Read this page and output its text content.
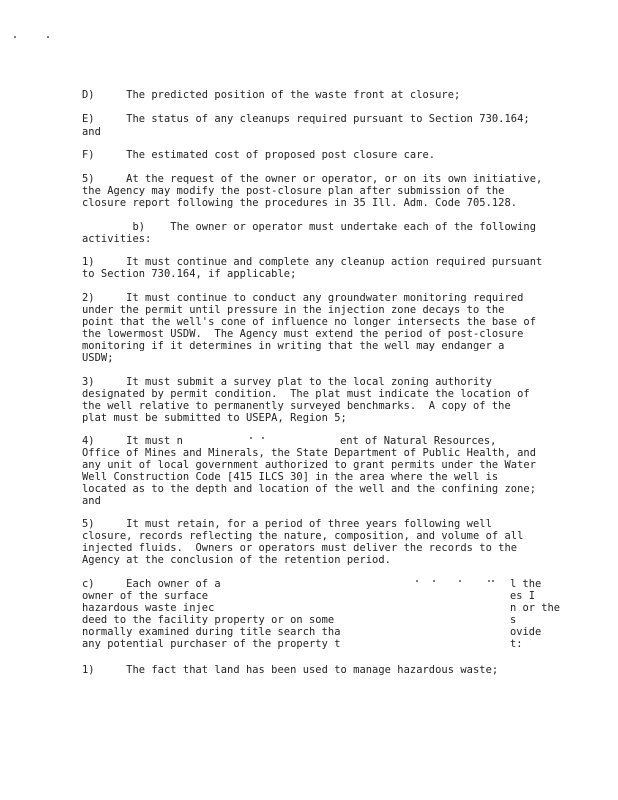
D)     The predicted position of the waste front at closure;
E)     The status of any cleanups required pursuant to Section 730.164;
and
F)     The estimated cost of proposed post closure care.
5)     At the request of the owner or operator, or on its own initiative,
the Agency may modify the post-closure plan after submission of the
closure report following the procedures in 35 Ill. Adm. Code 705.128.
b)    The owner or operator must undertake each of the following
activities:
1)     It must continue and complete any cleanup action required pursuant
to Section 730.164, if applicable;
2)     It must continue to conduct any groundwater monitoring required
under the permit until pressure in the injection zone decays to the
point that the well's cone of influence no longer intersects the base of
the lowermost USDW.  The Agency must extend the period of post-closure
monitoring if it determines in writing that the well may endanger a
USDW;
3)     It must submit a survey plat to the local zoning authority
designated by permit condition.  The plat must indicate the location of
the well relative to permanently surveyed benchmarks.  A copy of the
plat must be submitted to USEPA, Region 5;
4)     It must n	ent of Natural Resources,
Office of Mines and Minerals, the State Department of Public Health, and
any unit of local government authorized to grant permits under the Water
Well Construction Code [415 ILCS 30] in the area where the well is
located as to the depth and location of the well and the confining zone;
and
5)     It must retain, for a period of three years following well
closure, records reflecting the nature, composition, and volume of all
injected fluids.  Owners or operators must deliver the records to the
Agency at the conclusion of the retention period.
c)     Each owner of a
owner of the surface
hazardous waste injec
deed to the facility property or on some
normally examined during title search tha
any potential purchaser of the property t
l the
es I
n or the
s
ovide
t:
1)     The fact that land has been used to manage hazardous waste;
